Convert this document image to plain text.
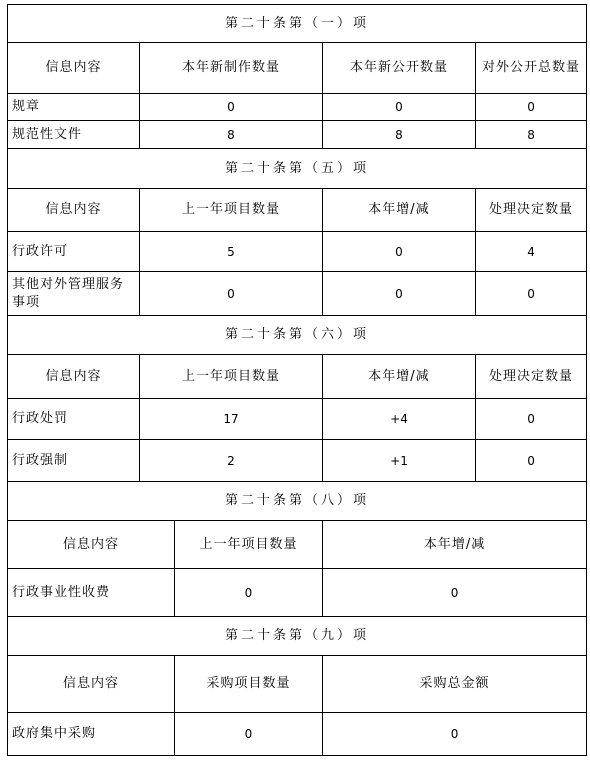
第二十条第（一）项				
信息内容	本年新制作数量		本年新公开数量	对外公开总数量
规章	0		0	0
规范性文件	8		8	8
第二十条第（五）项				
信息内容	上一年项目数量		本年增/减	处理决定数量
行政许可	5		0	4
其他对外管理服务事项	0		0	0
第二十条第（六）项				
信息内容	上一年项目数量		本年增/减	处理决定数量
行政处罚	17		+4	0
行政强制	2		+1	0
第二十条第（八）项				
信息内容		上一年项目数量	本年增/减	
行政事业性收费		0	0	
第二十条第（九）项				
信息内容		采购项目数量	采购总金额	
政府集中采购		0	0	
